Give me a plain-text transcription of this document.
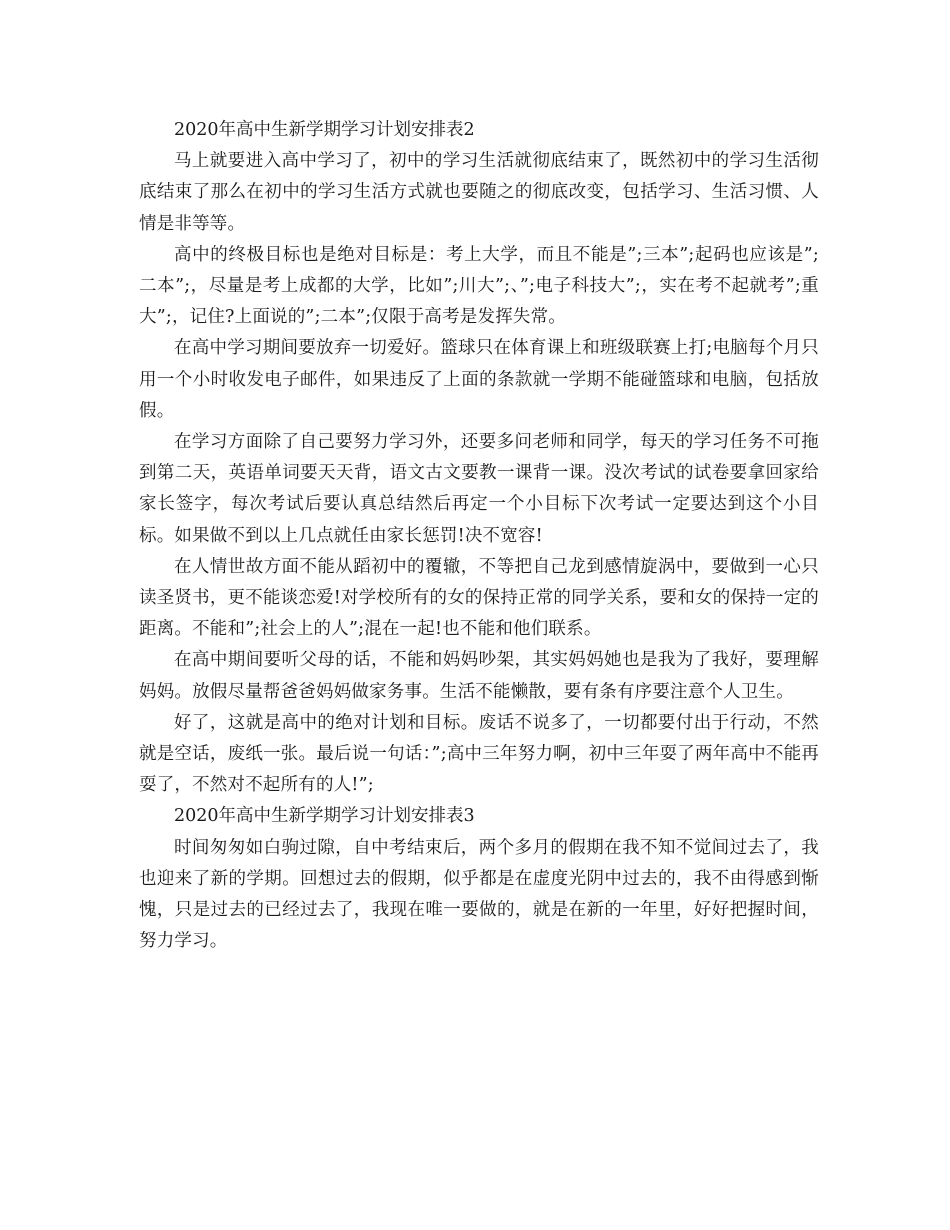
2020年高中生新学期学习计划安排表2

马上就要进入高中学习了，初中的学习生活就彻底结束了，既然初中的学习生活彻底结束了那么在初中的学习生活方式就也要随之的彻底改变，包括学习、生活习惯、人情是非等等。

高中的终极目标也是绝对目标是：考上大学，而且不能是”;三本”;起码也应该是”;二本”;，尽量是考上成都的大学，比如”;川大”;、”;电子科技大”;，实在考不起就考”;重大”;，记住?上面说的”;二本”;仅限于高考是发挥失常。

在高中学习期间要放弃一切爱好。篮球只在体育课上和班级联赛上打;电脑每个月只用一个小时收发电子邮件，如果违反了上面的条款就一学期不能碰篮球和电脑，包括放假。

在学习方面除了自己要努力学习外，还要多问老师和同学，每天的学习任务不可拖到第二天，英语单词要天天背，语文古文要教一课背一课。没次考试的试卷要拿回家给家长签字，每次考试后要认真总结然后再定一个小目标下次考试一定要达到这个小目标。如果做不到以上几点就任由家长惩罚!决不宽容!

在人情世故方面不能从蹈初中的覆辙，不等把自己龙到感情旋涡中，要做到一心只读圣贤书，更不能谈恋爱!对学校所有的女的保持正常的同学关系，要和女的保持一定的距离。不能和”;社会上的人”;混在一起!也不能和他们联系。

在高中期间要听父母的话，不能和妈妈吵架，其实妈妈她也是我为了我好，要理解妈妈。放假尽量帮爸爸妈妈做家务事。生活不能懒散，要有条有序要注意个人卫生。

好了，这就是高中的绝对计划和目标。废话不说多了，一切都要付出于行动，不然就是空话，废纸一张。最后说一句话：”;高中三年努力啊，初中三年耍了两年高中不能再耍了，不然对不起所有的人!”;

2020年高中生新学期学习计划安排表3

时间匆匆如白驹过隙，自中考结束后，两个多月的假期在我不知不觉间过去了，我也迎来了新的学期。回想过去的假期，似乎都是在虚度光阴中过去的，我不由得感到惭愧，只是过去的已经过去了，我现在唯一要做的，就是在新的一年里，好好把握时间，努力学习。
